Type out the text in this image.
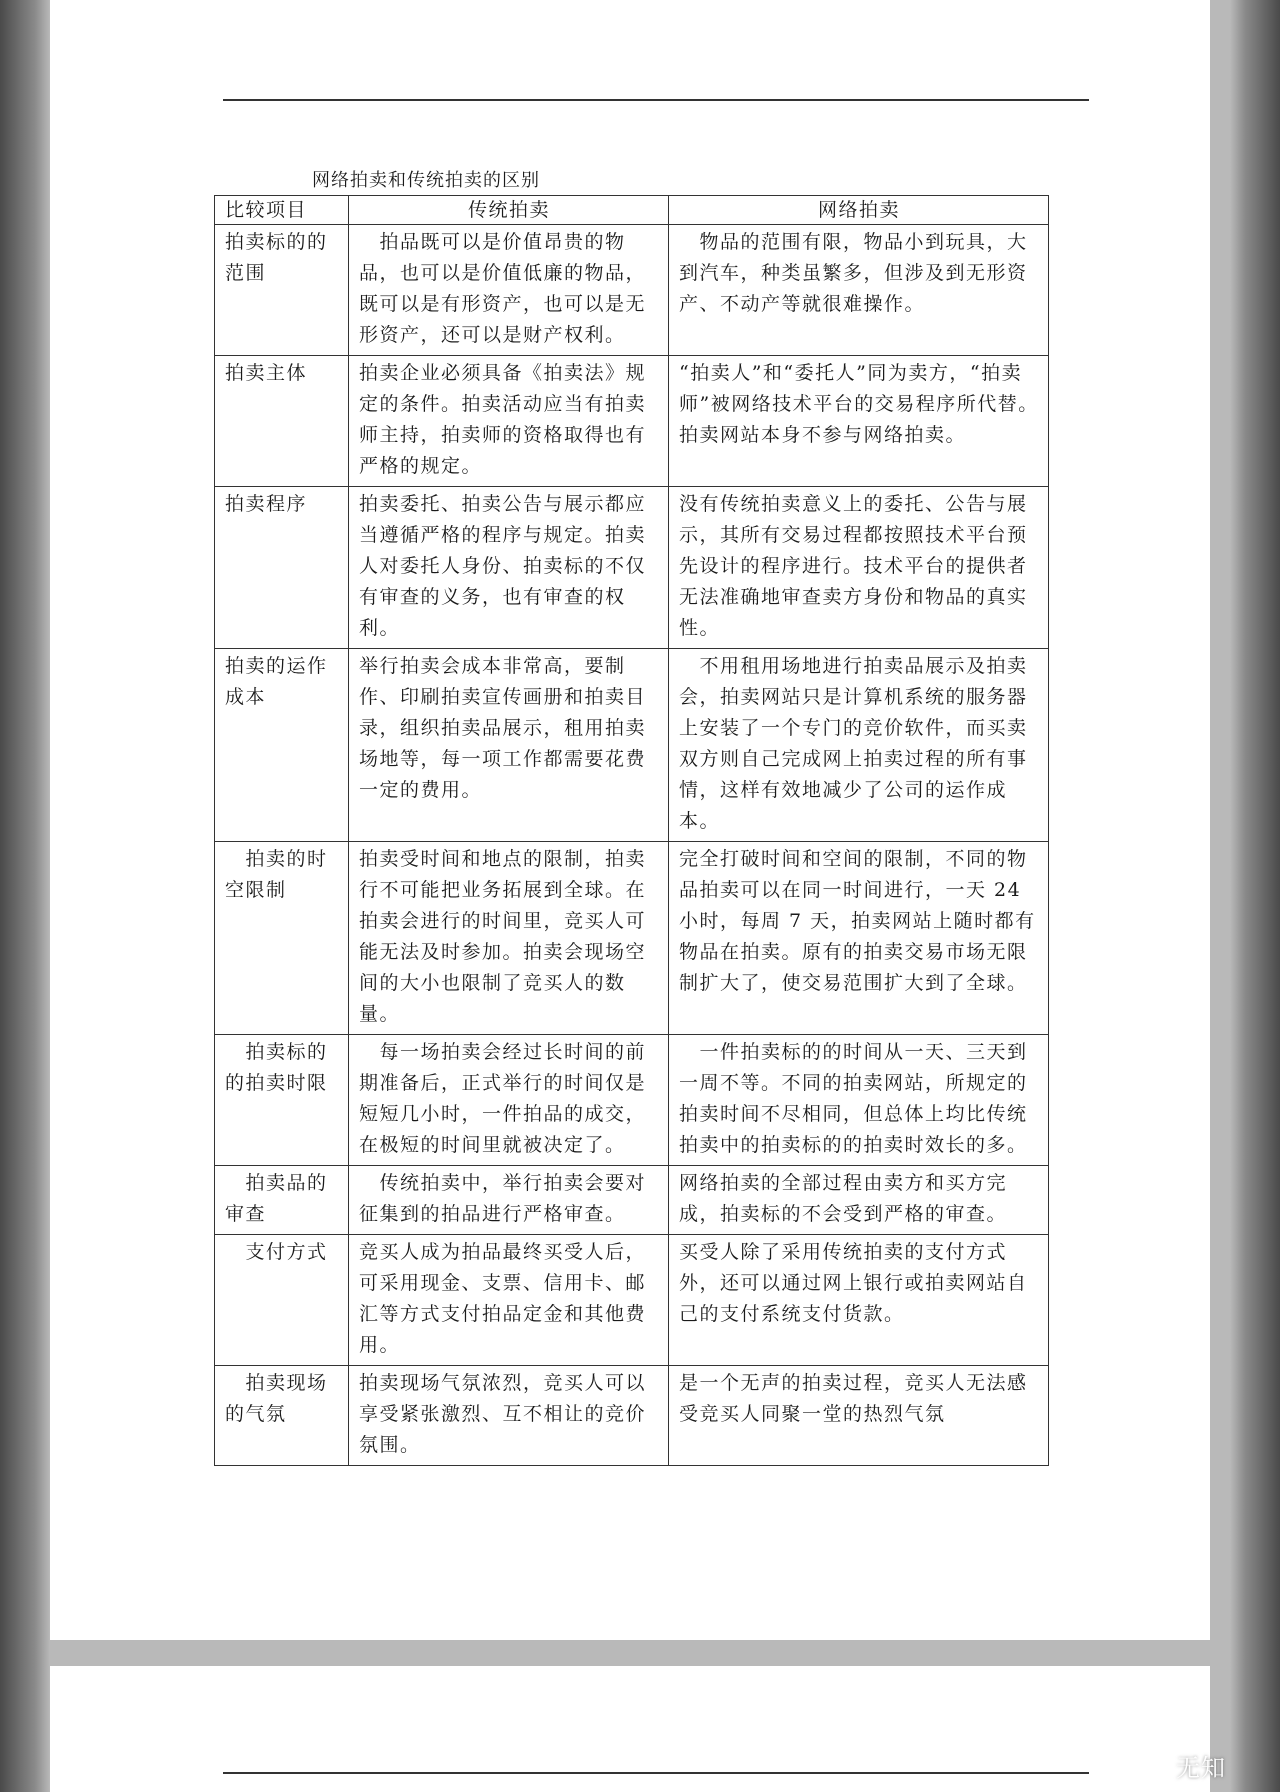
网络拍卖和传统拍卖的区别
比较项目	传统拍卖	网络拍卖
拍卖标的的范围	　拍品既可以是价值昂贵的物品，也可以是价值低廉的物品，既可以是有形资产，也可以是无形资产，还可以是财产权利。	　物品的范围有限，物品小到玩具，大到汽车，种类虽繁多，但涉及到无形资产、不动产等就很难操作。
拍卖主体	拍卖企业必须具备《拍卖法》规定的条件。拍卖活动应当有拍卖师主持，拍卖师的资格取得也有严格的规定。	“拍卖人”和“委托人”同为卖方，“拍卖师”被网络技术平台的交易程序所代替。拍卖网站本身不参与网络拍卖。
拍卖程序	拍卖委托、拍卖公告与展示都应当遵循严格的程序与规定。拍卖人对委托人身份、拍卖标的不仅有审查的义务，也有审查的权利。	没有传统拍卖意义上的委托、公告与展示，其所有交易过程都按照技术平台预先设计的程序进行。技术平台的提供者无法准确地审查卖方身份和物品的真实性。
拍卖的运作成本	举行拍卖会成本非常高，要制作、印刷拍卖宣传画册和拍卖目录，组织拍卖品展示，租用拍卖场地等，每一项工作都需要花费一定的费用。	　不用租用场地进行拍卖品展示及拍卖会，拍卖网站只是计算机系统的服务器上安装了一个专门的竞价软件，而买卖双方则自己完成网上拍卖过程的所有事情，这样有效地减少了公司的运作成本。
　拍卖的时空限制	拍卖受时间和地点的限制，拍卖行不可能把业务拓展到全球。在拍卖会进行的时间里，竞买人可能无法及时参加。拍卖会现场空间的大小也限制了竞买人的数量。	完全打破时间和空间的限制，不同的物品拍卖可以在同一时间进行，一天 24 小时，每周 7 天，拍卖网站上随时都有物品在拍卖。原有的拍卖交易市场无限制扩大了，使交易范围扩大到了全球。
　拍卖标的的拍卖时限	　每一场拍卖会经过长时间的前期准备后，正式举行的时间仅是短短几小时，一件拍品的成交，在极短的时间里就被决定了。	　一件拍卖标的的时间从一天、三天到一周不等。不同的拍卖网站，所规定的拍卖时间不尽相同，但总体上均比传统拍卖中的拍卖标的的拍卖时效长的多。
　拍卖品的审查	　传统拍卖中，举行拍卖会要对征集到的拍品进行严格审查。	网络拍卖的全部过程由卖方和买方完成，拍卖标的不会受到严格的审查。
　支付方式	竞买人成为拍品最终买受人后，可采用现金、支票、信用卡、邮汇等方式支付拍品定金和其他费用。	买受人除了采用传统拍卖的支付方式外，还可以通过网上银行或拍卖网站自己的支付系统支付货款。
　拍卖现场的气氛	拍卖现场气氛浓烈，竞买人可以享受紧张激烈、互不相让的竞价氛围。	是一个无声的拍卖过程，竞买人无法感受竞买人同聚一堂的热烈气氛
无知
